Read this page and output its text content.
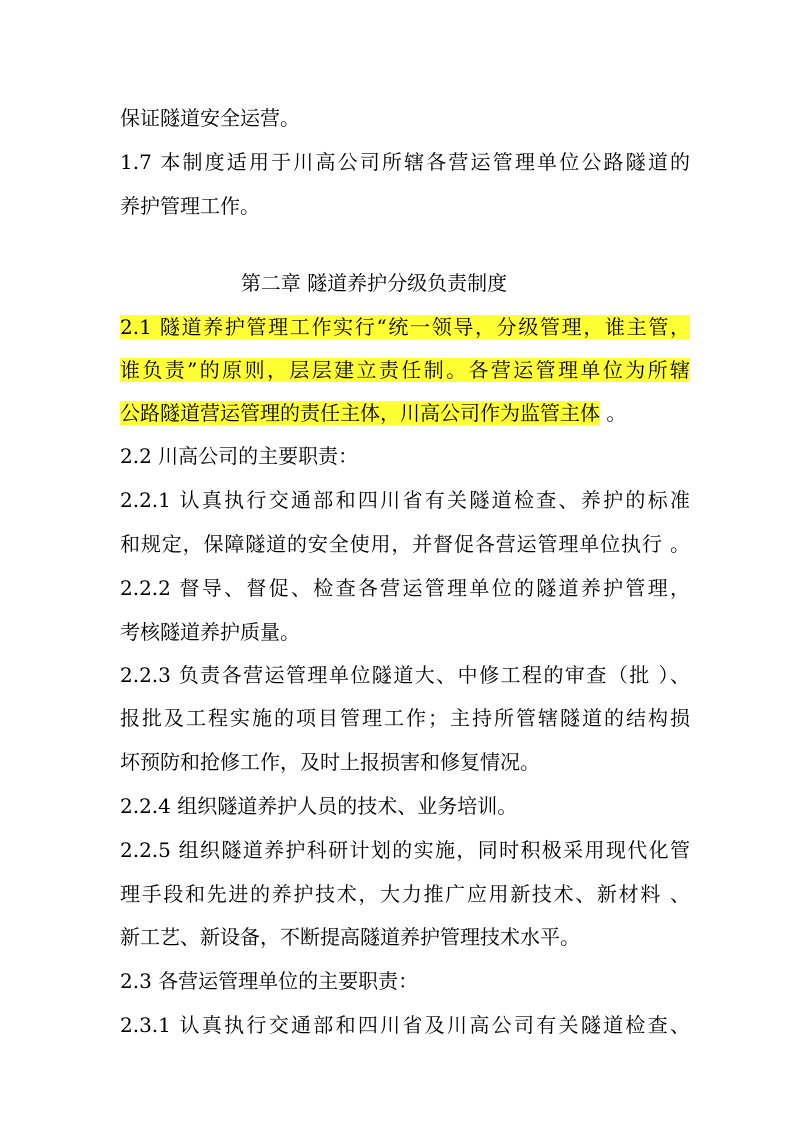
保证隧道安全运营。
1.7 本制度适用于川高公司所辖各营运管理单位公路隧道的
养护管理工作。
第二章 隧道养护分级负责制度
2.1 隧道养护管理工作实行“统一领导，分级管理，谁主管，
谁负责”的原则，层层建立责任制。各营运管理单位为所辖
公路隧道营运管理的责任主体，川高公司作为监管主体 。
2.2 川高公司的主要职责：
2.2.1 认真执行交通部和四川省有关隧道检查、养护的标准
和规定，保障隧道的安全使用，并督促各营运管理单位执行 。
2.2.2 督导、督促、检查各营运管理单位的隧道养护管理，
考核隧道养护质量。
2.2.3 负责各营运管理单位隧道大、中修工程的审查（批 ）、
报批及工程实施的项目管理工作；主持所管辖隧道的结构损
坏预防和抢修工作，及时上报损害和修复情况。
2.2.4 组织隧道养护人员的技术、业务培训。
2.2.5 组织隧道养护科研计划的实施，同时积极采用现代化管
理手段和先进的养护技术，大力推广应用新技术、新材料 、
新工艺、新设备，不断提高隧道养护管理技术水平。
2.3 各营运管理单位的主要职责：
2.3.1 认真执行交通部和四川省及川高公司有关隧道检查、
